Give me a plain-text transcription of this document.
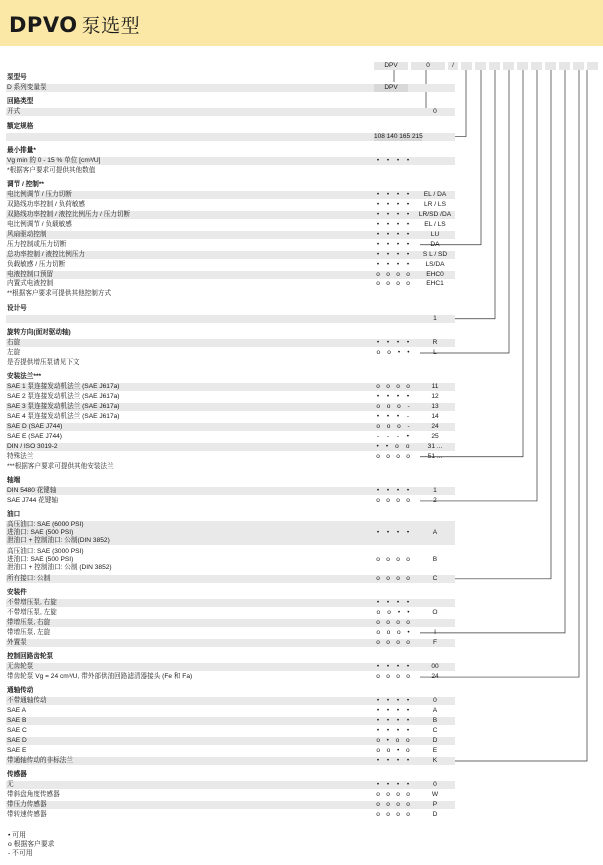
DPVO 泵选型
DPV	0	/
泵型号
D 系列变量泵	DPV
回路类型
开式	0
额定规格
108 140 165 215
最小排量*
Vg min 的 0 - 15 % 单位 [cm³/U]	• • • •
*根据客户要求可提供其他数值
调节 / 控制**
电比例调节 / 压力切断	• • • •	EL / DA
双路线功率控制 / 负荷敏感	• • • •	LR / LS
双路线功率控制 / 液控比例压力 / 压力切断	• • • •	LR/SD /DA
电比例调节 / 负载敏感	• • • •	EL / LS
风扇驱动控制	• • • •	LU
压力控制或压力切断	• • • •	DA
总功率控制 / 液控比例压力	• • • •	S L / SD
负载敏感 / 压力切断	• • • •	LS/DA
电液控制口预留	o o o o	EHC0
内置式电液控制	o o o o	EHC1
**根据客户要求可提供其他控制方式
设计号
1
旋转方向(面对驱动轴)
右旋	• • • •	R
左旋	o o • •	L
是否提供增压泵请见下文
安装法兰***
SAE 1 泵连接发动机法兰 (SAE J617a)	o o o o	11
SAE 2 泵连接发动机法兰 (SAE J617a)	• • • •	12
SAE 3 泵连接发动机法兰 (SAE J617a)	o o o -	13
SAE 4 泵连接发动机法兰 (SAE J617a)	• • • -	14
SAE D (SAE J744)	o o o -	24
SAE E (SAE J744)	- - - •	25
DIN / ISO 3019-2	• • o o	31 ...
特殊法兰	o o o o	51 ...
***根据客户要求可提供其他安装法兰
轴端
DIN 5480 花键轴	• • • •	1
SAE J744 花键轴	o o o o	2
油口
高压油口: SAE (6000 PSI)
进油口: SAE (500 PSI)
泄油口 + 控制油口: 公制(DIN 3852)
• • • •	A
高压油口: SAE (3000 PSI)
进油口: SAE (500 PSI)
泄油口 + 控制油口: 公制 (DIN 3852)
o o o o	B
所有接口: 公制	o o o o	C
安装件
不带增压泵, 右旋	• • • •
不带增压泵, 左旋	o o • •	O
带增压泵, 右旋	o o o o
带增压泵, 左旋	o o o •	I
外置泵	o o o o	F
控制回路齿轮泵
无齿轮泵	• • • •	00
带齿轮泵 Vg = 24 cm³/U, 带外部供油回路滤清器接头 (Fe 和 Fa)	o o o o	24
通轴传动
不带通轴传动	• • • •	0
SAE A	• • • •	A
SAE B	• • • •	B
SAE C	• • • •	C
SAE D	o • o o	D
SAE E	o o • o	E
带通轴传动的非标法兰	• • • •	K
传感器
无	• • • •	0
带斜盘角度传感器	o o o o	W
带压力传感器	o o o o	P
带转速传感器	o o o o	D
• 可用
o 根据客户要求
- 不可用
